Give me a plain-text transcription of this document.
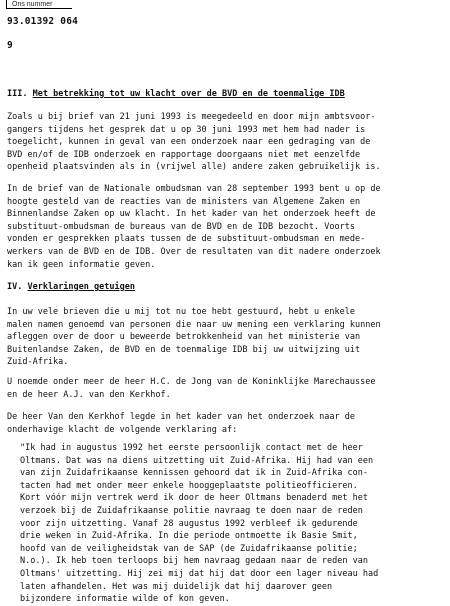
Ons nummer
93.01392 064
9
III. Met betrekking tot uw klacht over de BVD en de toenmalige IDB

Zoals u bij brief van 21 juni 1993 is meegedeeld en door mijn ambtsvoor-
gangers tijdens het gesprek dat u op 30 juni 1993 met hem had nader is
toegelicht, kunnen in geval van een onderzoek naar een gedraging van de
BVD en/of de IDB onderzoek en rapportage doorgaans niet met eenzelfde
openheid plaatsvinden als in (vrijwel alle) andere zaken gebruikelijk is.

In de brief van de Nationale ombudsman van 28 september 1993 bent u op de
hoogte gesteld van de reacties van de ministers van Algemene Zaken en
Binnenlandse Zaken op uw klacht. In het kader van het onderzoek heeft de
substituut-ombudsman de bureaus van de BVD en de IDB bezocht. Voorts
vonden er gesprekken plaats tussen de de substituut-ombudsman en mede-
werkers van de BVD en de IDB. Over de resultaten van dit nadere onderzoek
kan ik geen informatie geven.

IV. Verklaringen getuigen

In uw vele brieven die u mij tot nu toe hebt gestuurd, hebt u enkele
malen namen genoemd van personen die naar uw mening een verklaring kunnen
afleggen over de door u beweerde betrokkenheid van het ministerie van
Buitenlandse Zaken, de BVD en de toenmalige IDB bij uw uitwijzing uit
Zuid-Afrika.

U noemde onder meer de heer H.C. de Jong van de Koninklijke Marechaussee
en de heer A.J. van den Kerkhof.

De heer Van den Kerkhof legde in het kader van het onderzoek naar de
onderhavige klacht de volgende verklaring af:

"Ik had in augustus 1992 het eerste persoonlijk contact met de heer
Oltmans. Dat was na diens uitzetting uit Zuid-Afrika. Hij had van een
van zijn Zuidafrikaanse kennissen gehoord dat ik in Zuid-Afrika con-
tacten had met onder meer enkele hooggeplaatste politieofficieren.
Kort vóór mijn vertrek werd ik door de heer Oltmans benaderd met het
verzoek bij de Zuidafrikaanse politie navraag te doen naar de reden
voor zijn uitzetting. Vanaf 28 augustus 1992 verbleef ik gedurende
drie weken in Zuid-Afrika. In die periode ontmoette ik Basie Smit,
hoofd van de veiligheidstak van de SAP (de Zuidafrikaanse politie;
N.o.). Ik heb toen terloops bij hem navraag gedaan naar de reden van
Oltmans' uitzetting. Hij zei mij dat hij dat door een lager niveau had
laten afhandelen. Het was mij duidelijk dat hij daarover geen
bijzondere informatie wilde of kon geven.
